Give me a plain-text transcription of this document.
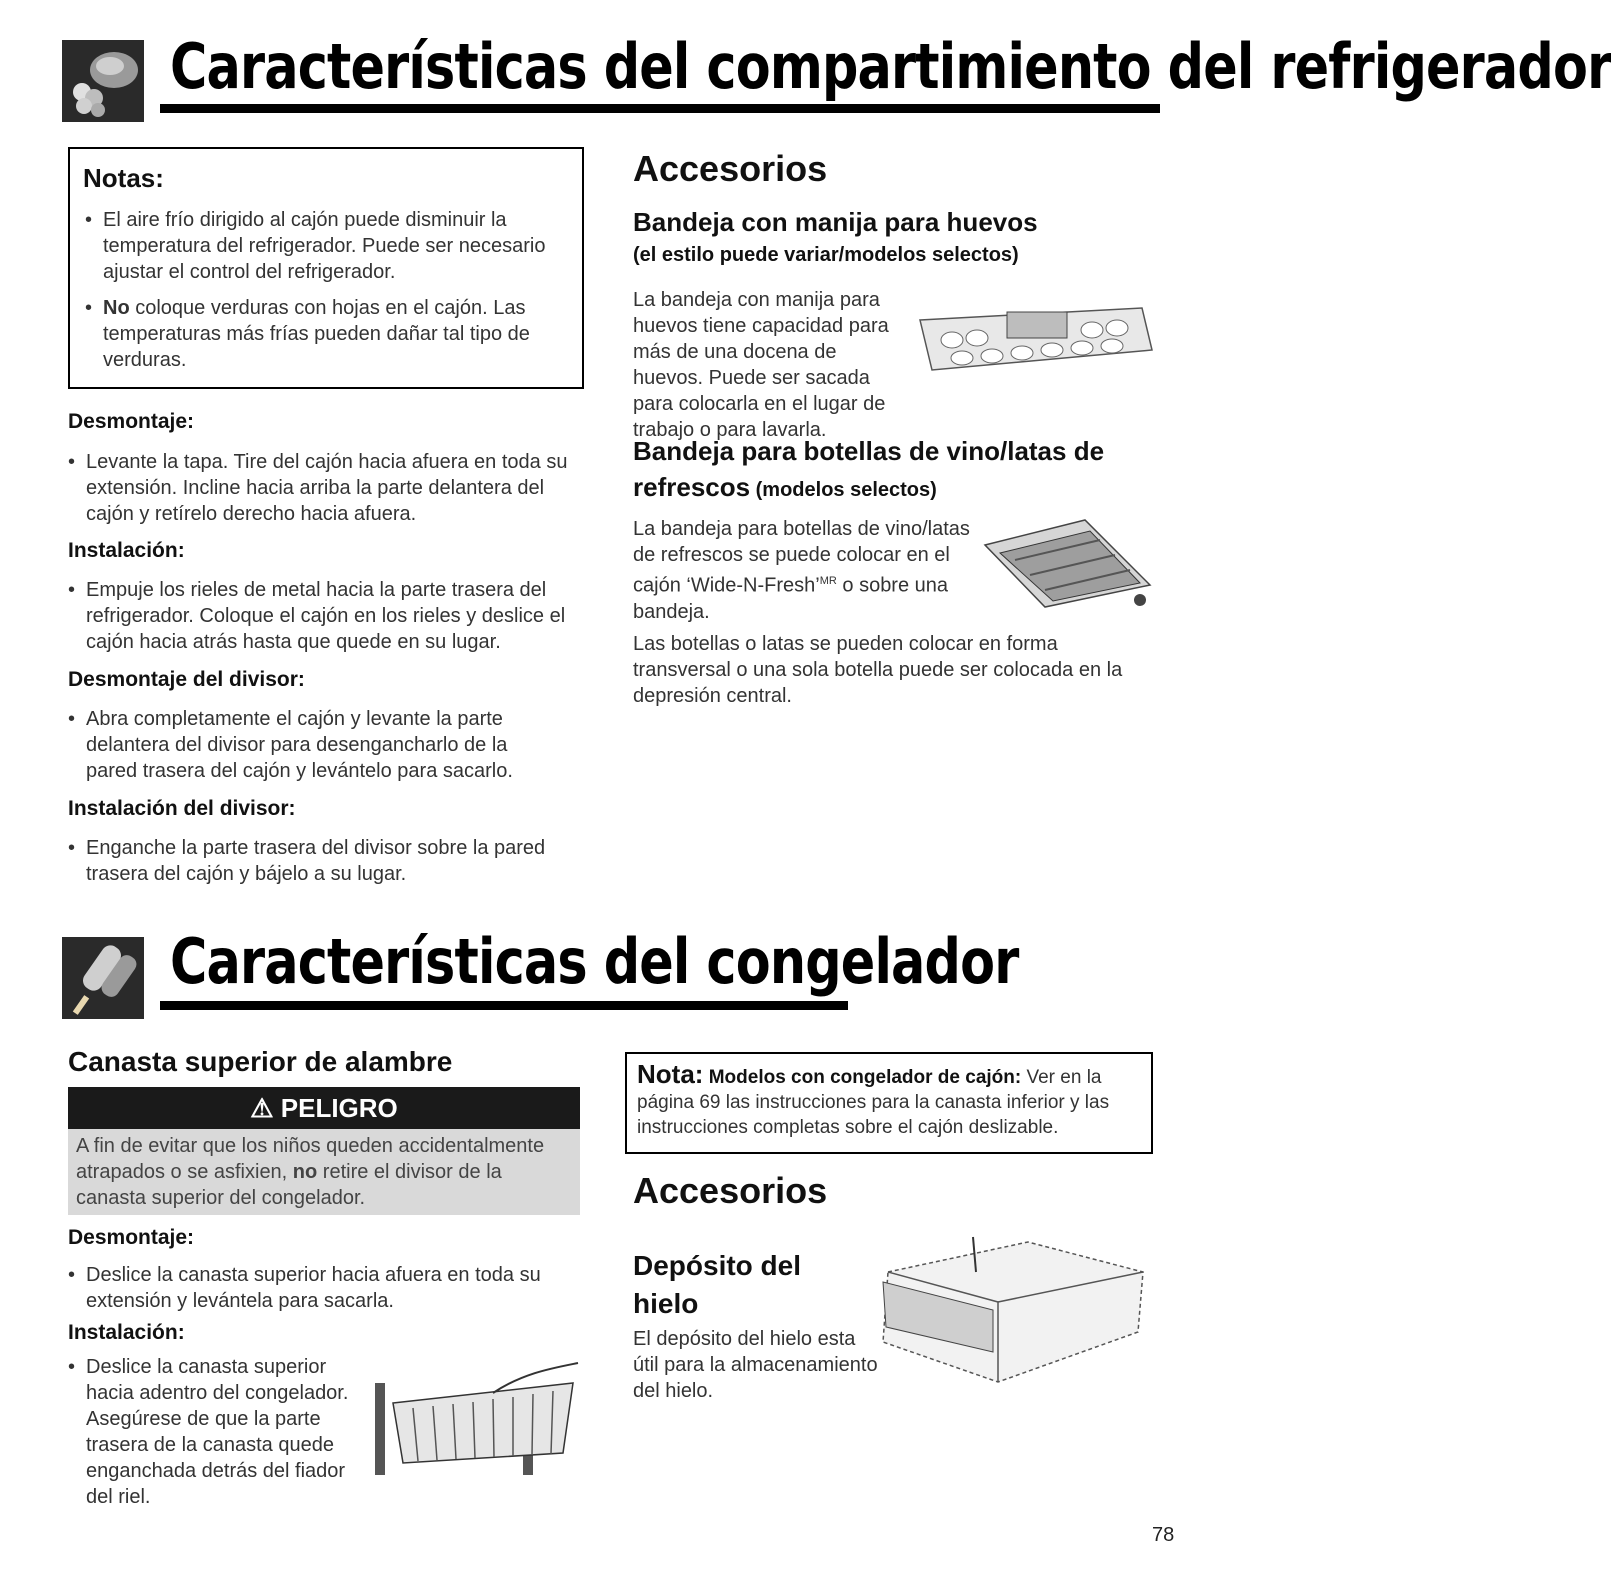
Características del compartimiento del refrigerador
Notas:
• El aire frío dirigido al cajón puede disminuir la temperatura del refrigerador. Puede ser necesario ajustar el control del refrigerador.
• No coloque verduras con hojas en el cajón. Las temperaturas más frías pueden dañar tal tipo de verduras.
Desmontaje:
• Levante la tapa. Tire del cajón hacia afuera en toda su extensión. Incline hacia arriba la parte delantera del cajón y retírelo derecho hacia afuera.
Instalación:
• Empuje los rieles de metal hacia la parte trasera del refrigerador. Coloque el cajón en los rieles y deslice el cajón hacia atrás hasta que quede en su lugar.
Desmontaje del divisor:
• Abra completamente el cajón y levante la parte delantera del divisor para desengancharlo de la pared trasera del cajón y levántelo para sacarlo.
Instalación del divisor:
• Enganche la parte trasera del divisor sobre la pared trasera del cajón y bájelo a su lugar.
Accesorios
Bandeja con manija para huevos
(el estilo puede variar/modelos selectos)

La bandeja con manija para huevos tiene capacidad para más de una docena de huevos. Puede ser sacada para colocarla en el lugar de trabajo o para lavarla.

Bandeja para botellas de vino/latas de
refrescos (modelos selectos)

La bandeja para botellas de vino/latas de refrescos se puede colocar en el cajón ‘Wide-N-Fresh’$^{MR}$ o sobre una bandeja.

Las botellas o latas se pueden colocar en forma transversal o una sola botella puede ser colocada en la depresión central.

Características del congelador
Canasta superior de alambre
⚠ PELIGRO

A fin de evitar que los niños queden accidentalmente atrapados o se asfixien, no retire el divisor de la canasta superior del congelador.

Desmontaje:
• Deslice la canasta superior hacia afuera en toda su extensión y levántela para sacarla.
Instalación:
• Deslice la canasta superior hacia adentro del congelador. Asegúrese de que la parte trasera de la canasta quede enganchada detrás del fiador del riel.

Nota: Modelos con congelador de cajón: Ver en la página 69 las instrucciones para la canasta inferior y las instrucciones completas sobre el cajón deslizable.

Accesorios
Depósito del
hielo

El depósito del hielo esta útil para la almacenamiento del hielo.

78
